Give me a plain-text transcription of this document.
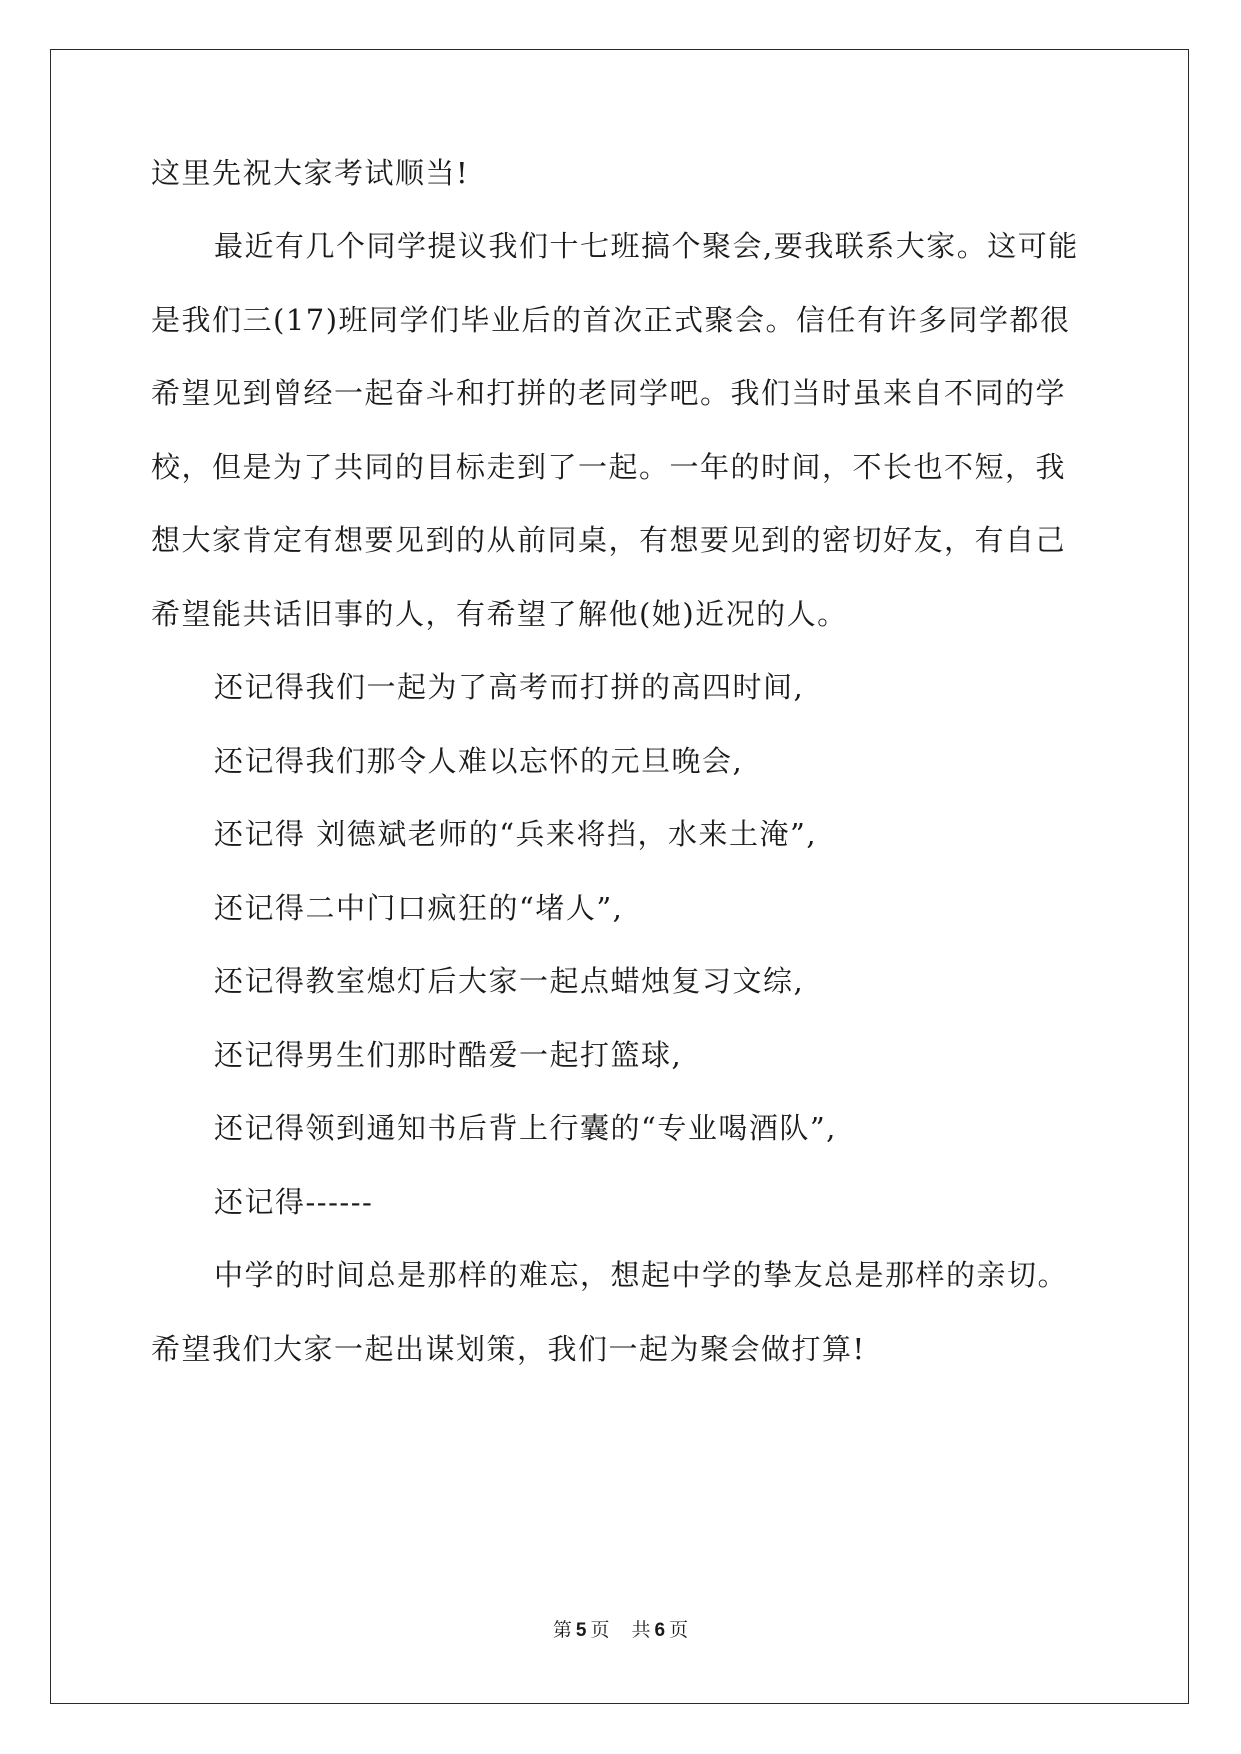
这里先祝大家考试顺当!
最近有几个同学提议我们十七班搞个聚会,要我联系大家。这可能
是我们三(17)班同学们毕业后的首次正式聚会。信任有许多同学都很
希望见到曾经一起奋斗和打拼的老同学吧。我们当时虽来自不同的学
校，但是为了共同的目标走到了一起。一年的时间，不长也不短，我
想大家肯定有想要见到的从前同桌，有想要见到的密切好友，有自己
希望能共话旧事的人，有希望了解他(她)近况的人。
还记得我们一起为了高考而打拼的高四时间,
还记得我们那令人难以忘怀的元旦晚会,
还记得 刘德斌老师的“兵来将挡，水来土淹”,
还记得二中门口疯狂的“堵人”,
还记得教室熄灯后大家一起点蜡烛复习文综,
还记得男生们那时酷爱一起打篮球,
还记得领到通知书后背上行囊的“专业喝酒队”,
还记得------
中学的时间总是那样的难忘，想起中学的挚友总是那样的亲切。
希望我们大家一起出谋划策，我们一起为聚会做打算!
第 5 页 共 6 页
